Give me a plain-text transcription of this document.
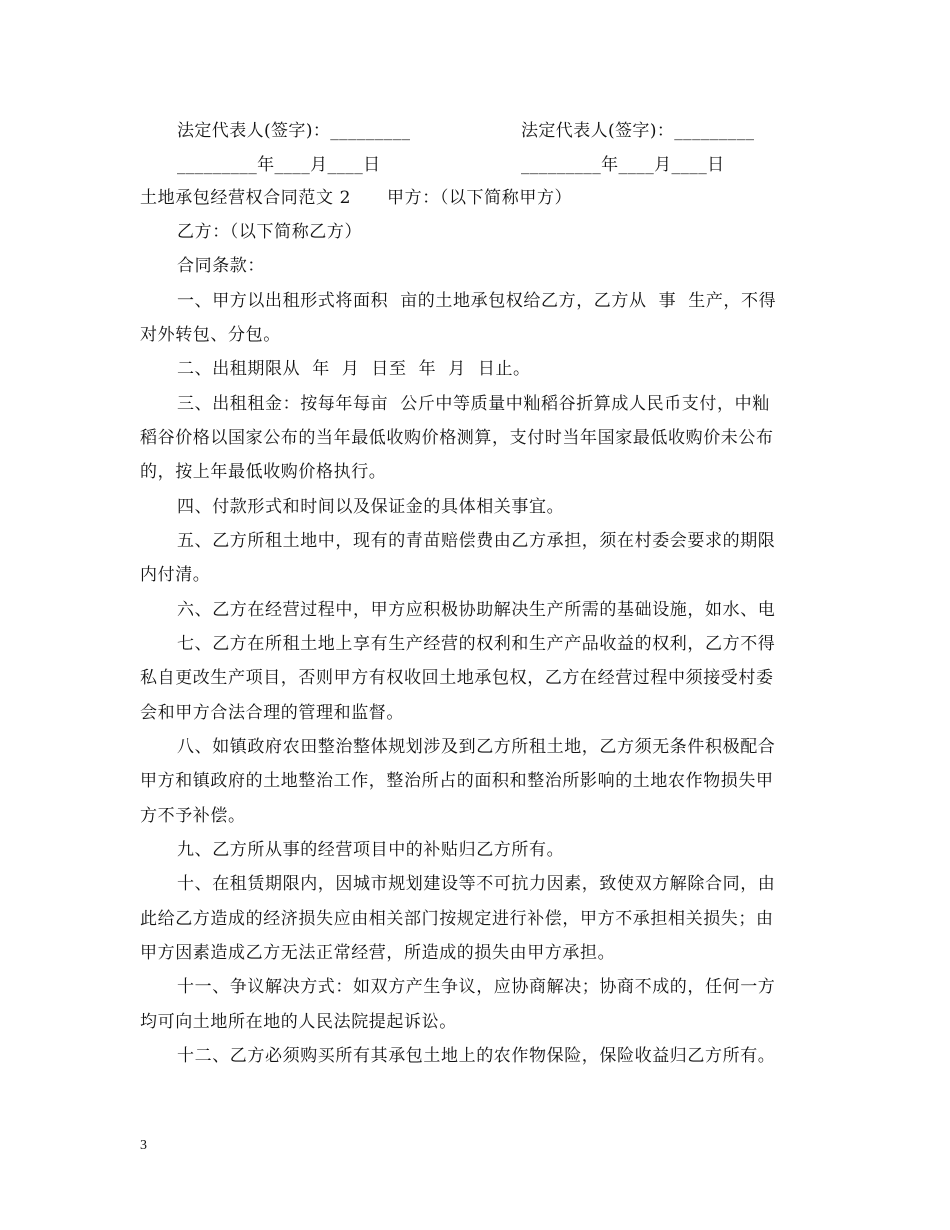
法定代表人(签字)：_________	法定代表人(签字)：_________
_________年____月____日	_________年____月____日
土地承包经营权合同范文 2      甲方：（以下简称甲方）
乙方：（以下简称乙方）
合同条款：
一、甲方以出租形式将面积  亩的土地承包权给乙方，乙方从  事  生产，不得
对外转包、分包。
二、出租期限从  年  月  日至  年  月  日止。
三、出租租金：按每年每亩  公斤中等质量中籼稻谷折算成人民币支付，中籼
稻谷价格以国家公布的当年最低收购价格测算，支付时当年国家最低收购价未公布
的，按上年最低收购价格执行。
四、付款形式和时间以及保证金的具体相关事宜。
五、乙方所租土地中，现有的青苗赔偿费由乙方承担，须在村委会要求的期限
内付清。
六、乙方在经营过程中，甲方应积极协助解决生产所需的基础设施，如水、电
七、乙方在所租土地上享有生产经营的权利和生产产品收益的权利，乙方不得
私自更改生产项目，否则甲方有权收回土地承包权，乙方在经营过程中须接受村委
会和甲方合法合理的管理和监督。
八、如镇政府农田整治整体规划涉及到乙方所租土地，乙方须无条件积极配合
甲方和镇政府的土地整治工作，整治所占的面积和整治所影响的土地农作物损失甲
方不予补偿。
九、乙方所从事的经营项目中的补贴归乙方所有。
十、在租赁期限内，因城市规划建设等不可抗力因素，致使双方解除合同，由
此给乙方造成的经济损失应由相关部门按规定进行补偿，甲方不承担相关损失；由
甲方因素造成乙方无法正常经营，所造成的损失由甲方承担。
十一、争议解决方式：如双方产生争议，应协商解决；协商不成的，任何一方
均可向土地所在地的人民法院提起诉讼。
十二、乙方必须购买所有其承包土地上的农作物保险，保险收益归乙方所有。
3
